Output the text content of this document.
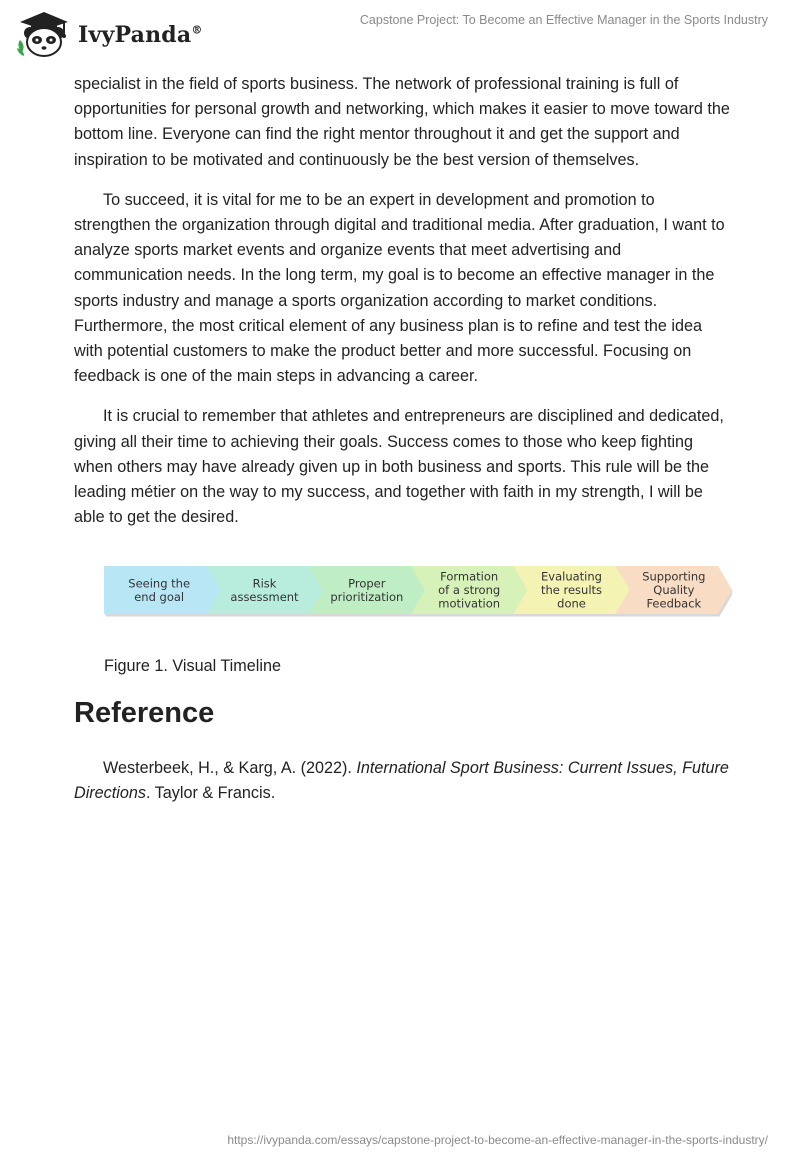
IvyPanda®
Capstone Project: To Become an Effective Manager in the Sports Industry

specialist in the field of sports business. The network of professional training is full of opportunities for personal growth and networking, which makes it easier to move toward the bottom line. Everyone can find the right mentor throughout it and get the support and inspiration to be motivated and continuously be the best version of themselves.

To succeed, it is vital for me to be an expert in development and promotion to strengthen the organization through digital and traditional media. After graduation, I want to analyze sports market events and organize events that meet advertising and communication needs. In the long term, my goal is to become an effective manager in the sports industry and manage a sports organization according to market conditions. Furthermore, the most critical element of any business plan is to refine and test the idea with potential customers to make the product better and more successful. Focusing on feedback is one of the main steps in advancing a career.

It is crucial to remember that athletes and entrepreneurs are disciplined and dedicated, giving all their time to achieving their goals. Success comes to those who keep fighting when others may have already given up in both business and sports. This rule will be the leading métier on the way to my success, and together with faith in my strength, I will be able to get the desired.

Seeing the end goal
Risk assessment
Proper prioritization
Formation of a strong motivation
Evaluating the results done
Supporting Quality Feedback
Figure 1. Visual Timeline
Reference

Westerbeek, H., & Karg, A. (2022). International Sport Business: Current Issues, Future Directions. Taylor & Francis.

https://ivypanda.com/essays/capstone-project-to-become-an-effective-manager-in-the-sports-industry/
